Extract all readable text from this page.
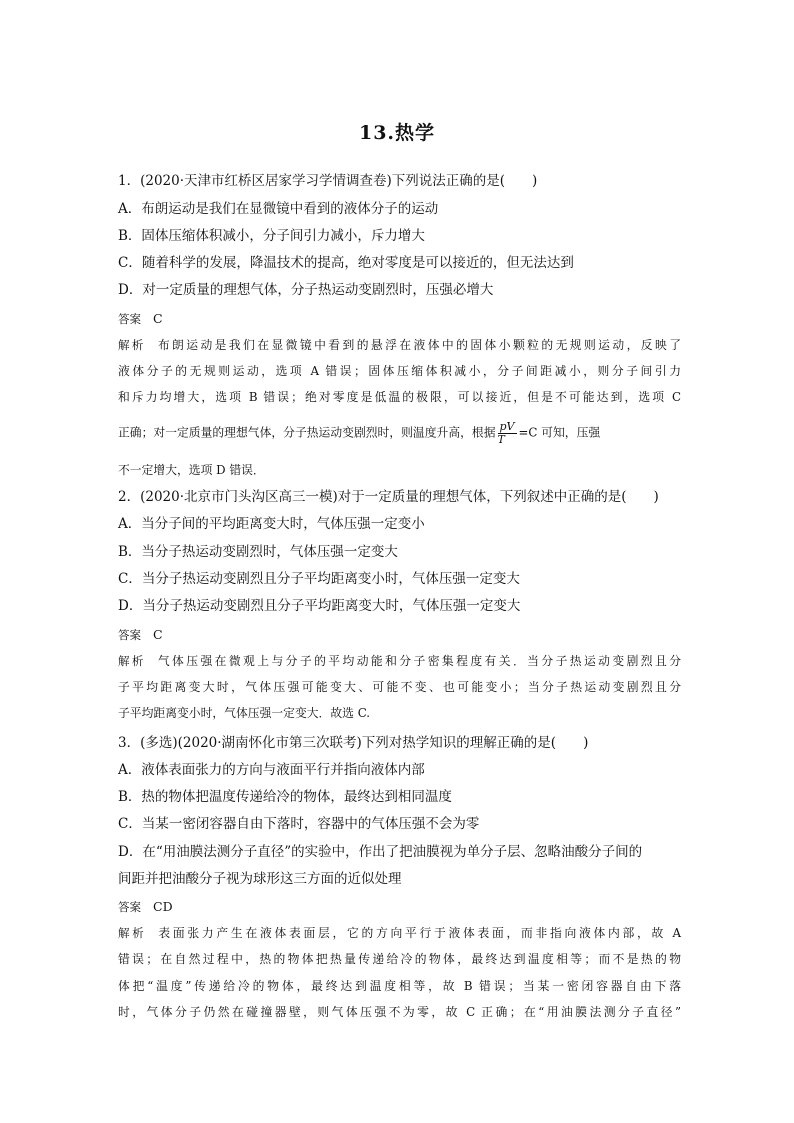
13.热学
1．(2020·天津市红桥区居家学习学情调查卷)下列说法正确的是(　　)
A．布朗运动是我们在显微镜中看到的液体分子的运动
B．固体压缩体积减小，分子间引力减小，斥力增大
C．随着科学的发展，降温技术的提高，绝对零度是可以接近的，但无法达到
D．对一定质量的理想气体，分子热运动变剧烈时，压强必增大
答案 C
解析 布朗运动是我们在显微镜中看到的悬浮在液体中的固体小颗粒的无规则运动，反映了
液体分子的无规则运动，选项 A 错误；固体压缩体积减小，分子间距减小，则分子间引力
和斥力均增大，选项 B 错误；绝对零度是低温的极限，可以接近，但是不可能达到，选项 C
正确；对一定质量的理想气体，分子热运动变剧烈时，则温度升高，根据 $\frac{pV}{T} =C$ 可知，压强
不一定增大，选项 D 错误．
2．(2020·北京市门头沟区高三一模)对于一定质量的理想气体，下列叙述中正确的是(　　)
A．当分子间的平均距离变大时，气体压强一定变小
B．当分子热运动变剧烈时，气体压强一定变大
C．当分子热运动变剧烈且分子平均距离变小时，气体压强一定变大
D．当分子热运动变剧烈且分子平均距离变大时，气体压强一定变大
答案 C
解析 气体压强在微观上与分子的平均动能和分子密集程度有关．当分子热运动变剧烈且分
子平均距离变大时，气体压强可能变大、可能不变、也可能变小；当分子热运动变剧烈且分
子平均距离变小时，气体压强一定变大．故选 C.
3．(多选)(2020·湖南怀化市第三次联考)下列对热学知识的理解正确的是(　　)
A．液体表面张力的方向与液面平行并指向液体内部
B．热的物体把温度传递给冷的物体，最终达到相同温度
C．当某一密闭容器自由下落时，容器中的气体压强不会为零
D．在“用油膜法测分子直径”的实验中，作出了把油膜视为单分子层、忽略油酸分子间的
间距并把油酸分子视为球形这三方面的近似处理
答案 CD
解析 表面张力产生在液体表面层，它的方向平行于液体表面，而非指向液体内部，故 A
错误；在自然过程中，热的物体把热量传递给冷的物体，最终达到温度相等；而不是热的物
体把“温度”传递给冷的物体，最终达到温度相等，故 B 错误；当某一密闭容器自由下落
时，气体分子仍然在碰撞器壁，则气体压强不为零，故 C 正确；在“用油膜法测分子直径”
